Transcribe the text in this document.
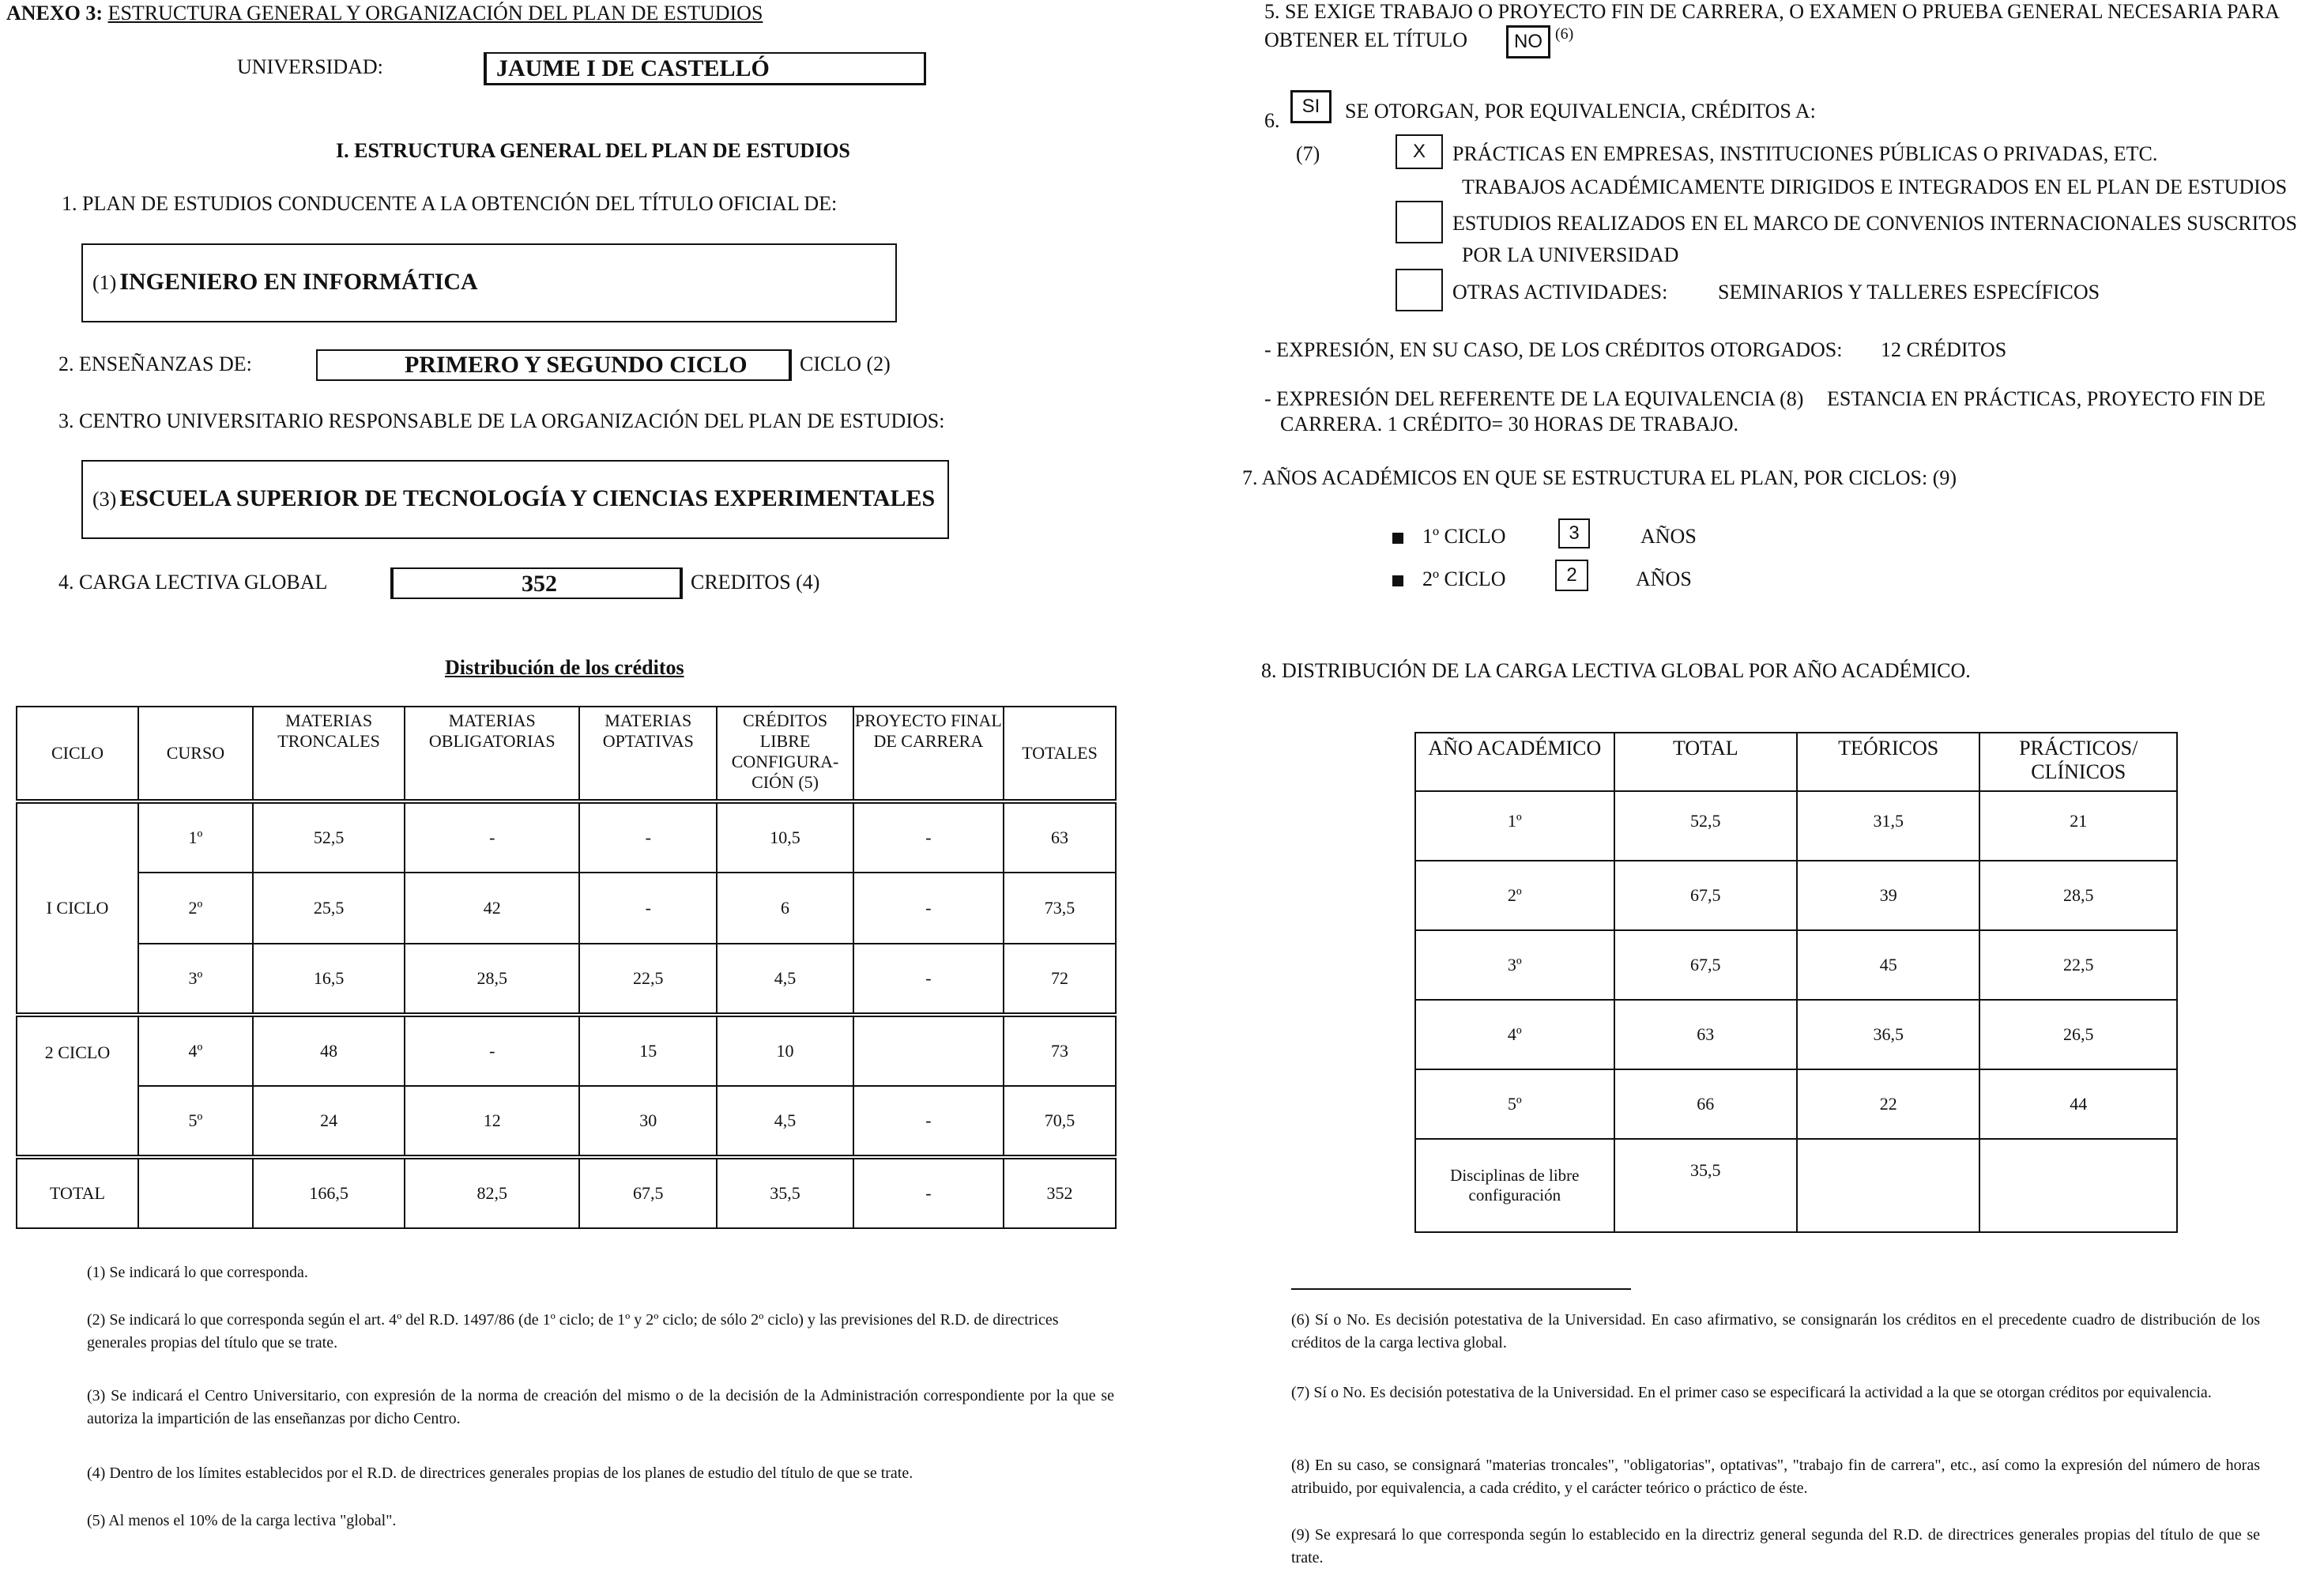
ANEXO 3: ESTRUCTURA GENERAL Y ORGANIZACIÓN DEL PLAN DE ESTUDIOS
UNIVERSIDAD:	JAUME I DE CASTELLÓ
I. ESTRUCTURA GENERAL DEL PLAN DE ESTUDIOS
1. PLAN DE ESTUDIOS CONDUCENTE A LA OBTENCIÓN DEL TÍTULO OFICIAL DE:
(1) INGENIERO EN INFORMÁTICA
2. ENSEÑANZAS DE:	PRIMERO Y SEGUNDO CICLO	CICLO (2)
3. CENTRO UNIVERSITARIO RESPONSABLE DE LA ORGANIZACIÓN DEL PLAN DE ESTUDIOS:
(3) ESCUELA SUPERIOR DE TECNOLOGÍA Y CIENCIAS EXPERIMENTALES
4. CARGA LECTIVA GLOBAL	352	CREDITOS (4)
Distribución de los créditos
CICLO	CURSO	MATERIAS TRONCALES	MATERIAS OBLIGATORIAS	MATERIAS OPTATIVAS	CRÉDITOS LIBRE CONFIGURA-CIÓN (5)	PROYECTO FINAL DE CARRERA	TOTALES
I CICLO	1º	52,5	-	-	10,5	-	63
	2º	25,5	42	-	6	-	73,5
	3º	16,5	28,5	22,5	4,5	-	72
2 CICLO	4º	48	-	15	10		73
	5º	24	12	30	4,5	-	70,5
TOTAL		166,5	82,5	67,5	35,5	-	352
(1) Se indicará lo que corresponda.
(2) Se indicará lo que corresponda según el art. 4º del R.D. 1497/86 (de 1º ciclo; de 1º y 2º ciclo; de sólo 2º ciclo) y las previsiones del R.D. de directrices generales propias del título que se trate.
(3) Se indicará el Centro Universitario, con expresión de la norma de creación del mismo o de la decisión de la Administración correspondiente por la que se autoriza la impartición de las enseñanzas por dicho Centro.
(4) Dentro de los límites establecidos por el R.D. de directrices generales propias de los planes de estudio del título de que se trate.
(5) Al menos el 10% de la carga lectiva "global".
5. SE EXIGE TRABAJO O PROYECTO FIN DE CARRERA, O EXAMEN O PRUEBA GENERAL NECESARIA PARA
OBTENER EL TÍTULO NO (6)
6.
SI SE OTORGAN, POR EQUIVALENCIA, CRÉDITOS A:
(7)	X PRÁCTICAS EN EMPRESAS, INSTITUCIONES PÚBLICAS O PRIVADAS, ETC.
TRABAJOS ACADÉMICAMENTE DIRIGIDOS E INTEGRADOS EN EL PLAN DE ESTUDIOS
ESTUDIOS REALIZADOS EN EL MARCO DE CONVENIOS INTERNACIONALES SUSCRITOS
POR LA UNIVERSIDAD
OTRAS ACTIVIDADES: SEMINARIOS Y TALLERES ESPECÍFICOS
- EXPRESIÓN, EN SU CASO, DE LOS CRÉDITOS OTORGADOS: 12 CRÉDITOS
- EXPRESIÓN DEL REFERENTE DE LA EQUIVALENCIA (8) ESTANCIA EN PRÁCTICAS, PROYECTO FIN DE
CARRERA. 1 CRÉDITO= 30 HORAS DE TRABAJO.
7. AÑOS ACADÉMICOS EN QUE SE ESTRUCTURA EL PLAN, POR CICLOS: (9)
1º CICLO	3	AÑOS
2º CICLO	2	AÑOS
8. DISTRIBUCIÓN DE LA CARGA LECTIVA GLOBAL POR AÑO ACADÉMICO.
AÑO ACADÉMICO	TOTAL	TEÓRICOS	PRÁCTICOS/ CLÍNICOS
1º	52,5	31,5	21
2º	67,5	39	28,5
3º	67,5	45	22,5
4º	63	36,5	26,5
5º	66	22	44
Disciplinas de libre configuración	35,5		
(6) Sí o No. Es decisión potestativa de la Universidad. En caso afirmativo, se consignarán los créditos en el precedente cuadro de distribución de los créditos de la carga lectiva global.
(7) Sí o No. Es decisión potestativa de la Universidad. En el primer caso se especificará la actividad a la que se otorgan créditos por equivalencia.
(8) En su caso, se consignará "materias troncales", "obligatorias", optativas", "trabajo fin de carrera", etc., así como la expresión del número de horas atribuido, por equivalencia, a cada crédito, y el carácter teórico o práctico de éste.
(9) Se expresará lo que corresponda según lo establecido en la directriz general segunda del R.D. de directrices generales propias del título de que se trate.
